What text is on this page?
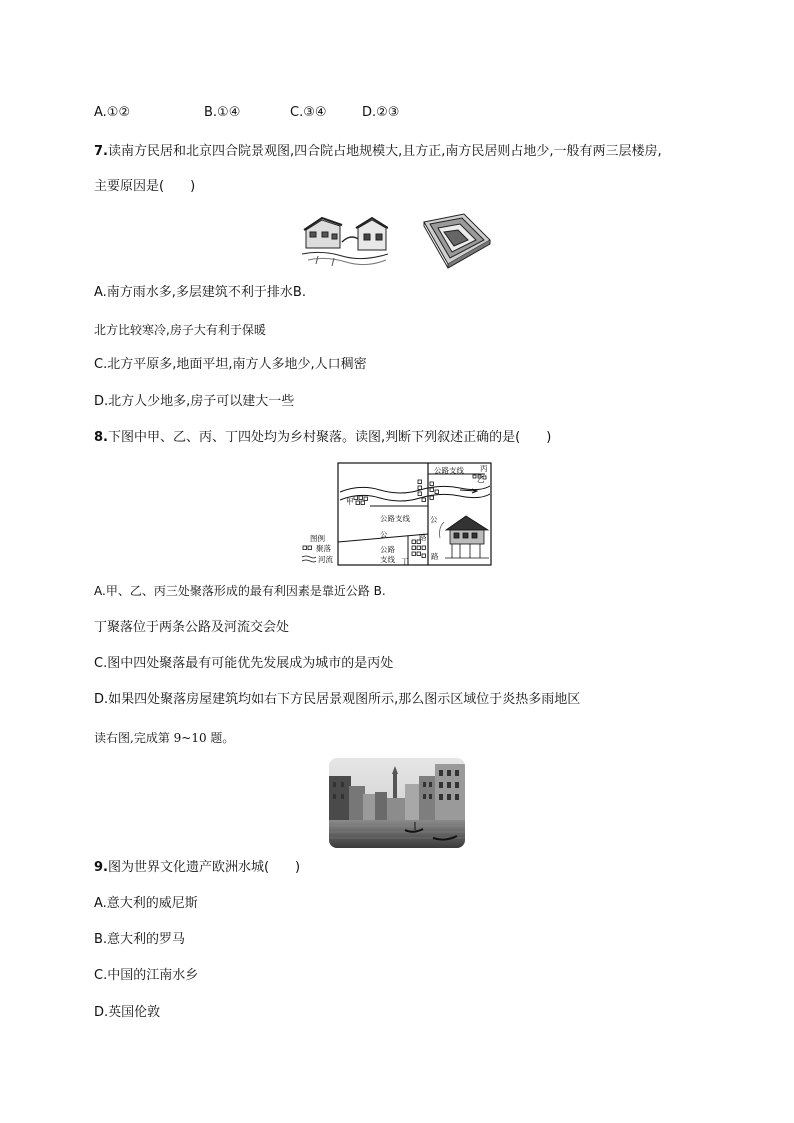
A.①②	B.①④	C.③④	D.②③
7.读南方民居和北京四合院景观图,四合院占地规模大,且方正,南方民居则占地少,一般有两三层楼房,
主要原因是(　　)
A.南方雨水多,多层建筑不利于排水B.
北方比较寒冷,房子大有利于保暖
C.北方平原多,地面平坦,南方人多地少,人口稠密
D.北方人少地多,房子可以建大一些
8.下图中甲、乙、丙、丁四处均为乡村聚落。读图,判断下列叙述正确的是(　　)
公路支线 丙
乙
甲
公路支线	公
公	路
路
公路
支线 丁
图例
聚落
河流
A.甲、乙、丙三处聚落形成的最有利因素是靠近公路 B.
丁聚落位于两条公路及河流交会处
C.图中四处聚落最有可能优先发展成为城市的是丙处
D.如果四处聚落房屋建筑均如右下方民居景观图所示,那么图示区域位于炎热多雨地区
读右图,完成第 9~10 题。
9.图为世界文化遗产欧洲水城(　　)
A.意大利的威尼斯
B.意大利的罗马
C.中国的江南水乡
D.英国伦敦
